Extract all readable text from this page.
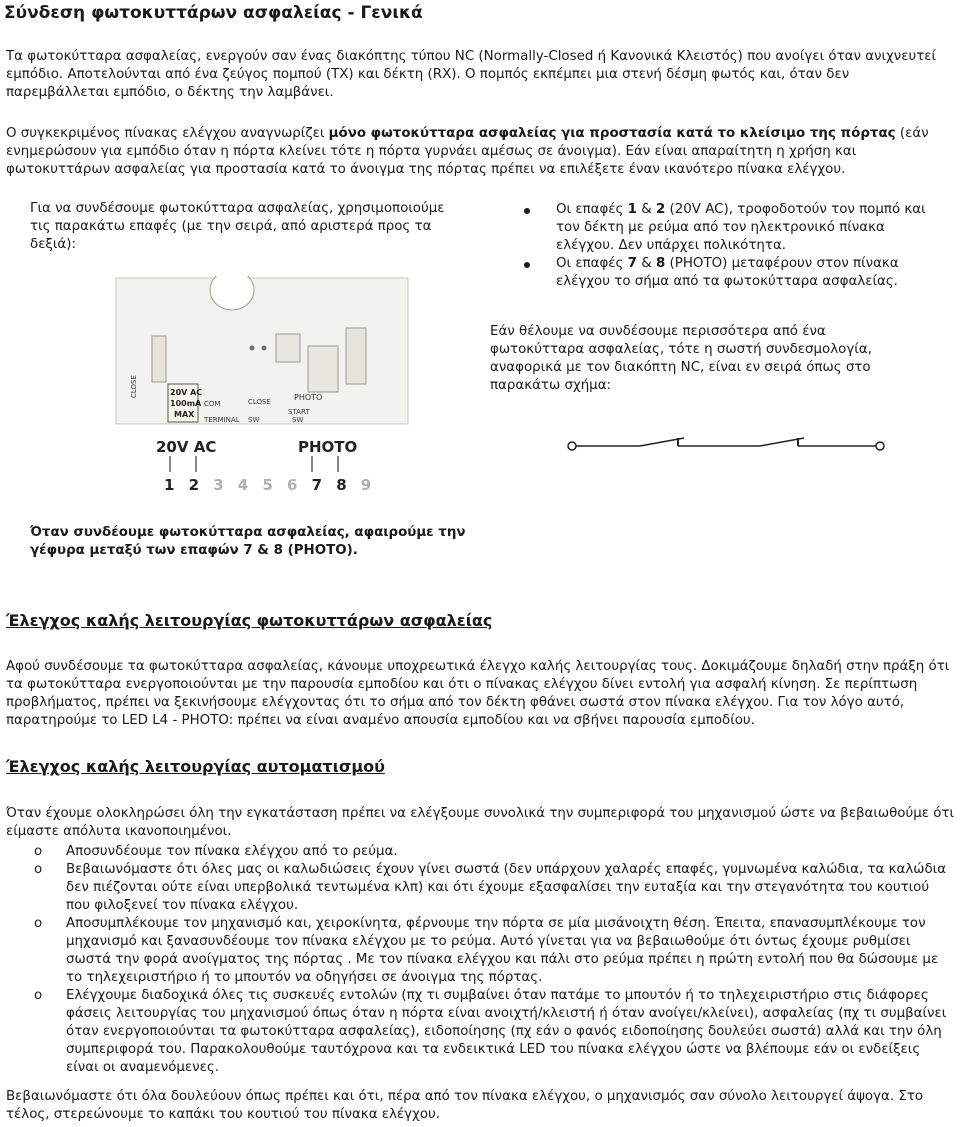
Σύνδεση φωτοκυττάρων ασφαλείας - Γενικά

Τα φωτοκύτταρα ασφαλείας, ενεργούν σαν ένας διακόπτης τύπου NC (Normally-Closed ή Κανονικά Κλειστός) που ανοίγει όταν ανιχνευτεί εμπόδιο. Αποτελούνται από ένα ζεύγος πομπού (TX) και δέκτη (RX). Ο πομπός εκπέμπει μια στενή δέσμη φωτός και, όταν δεν παρεμβάλλεται εμπόδιο, ο δέκτης την λαμβάνει.

Ο συγκεκριμένος πίνακας ελέγχου αναγνωρίζει μόνο φωτοκύτταρα ασφαλείας για προστασία κατά το κλείσιμο της πόρτας (εάν ενημερώσουν για εμπόδιο όταν η πόρτα κλείνει τότε η πόρτα γυρνάει αμέσως σε άνοιγμα). Εάν είναι απαραίτητη η χρήση και φωτοκυττάρων ασφαλείας για προστασία κατά το άνοιγμα της πόρτας πρέπει να επιλέξετε έναν ικανότερο πίνακα ελέγχου.

Για να συνδέσουμε φωτοκύτταρα ασφαλείας, χρησιμοποιούμε τις παρακάτω επαφές (με την σειρά, από αριστερά προς τα δεξιά):

Οι επαφές 1 & 2 (20V AC), τροφοδοτούν τον πομπό και τον δέκτη με ρεύμα από τον ηλεκτρονικό πίνακα ελέγχου. Δεν υπάρχει πολικότητα.
Οι επαφές 7 & 8 (PHOTO) μεταφέρουν στον πίνακα ελέγχου το σήμα από τα φωτοκύτταρα ασφαλείας.
CLOSE	20V AC
100mA
MAX
COM
TERMINAL SW
CLOSE
SW
START
PHOTO
20V AC	PHOTO
1 2 3 4 5 6 7 8 9

Εάν θέλουμε να συνδέσουμε περισσότερα από ένα φωτοκύτταρα ασφαλείας, τότε η σωστή συνδεσμολογία, αναφορικά με τον διακόπτη NC, είναι εν σειρά όπως στο παρακάτω σχήμα:

Όταν συνδέουμε φωτοκύτταρα ασφαλείας, αφαιρούμε την γέφυρα μεταξύ των επαφών 7 & 8 (PHOTO).

Έλεγχος καλής λειτουργίας φωτοκυττάρων ασφαλείας

Αφού συνδέσουμε τα φωτοκύτταρα ασφαλείας, κάνουμε υποχρεωτικά έλεγχο καλής λειτουργίας τους. Δοκιμάζουμε δηλαδή στην πράξη ότι τα φωτοκύτταρα ενεργοποιούνται με την παρουσία εμποδίου και ότι ο πίνακας ελέγχου δίνει εντολή για ασφαλή κίνηση. Σε περίπτωση προβλήματος, πρέπει να ξεκινήσουμε ελέγχοντας ότι το σήμα από τον δέκτη φθάνει σωστά στον πίνακα ελέγχου. Για τον λόγο αυτό, παρατηρούμε το LED L4 - PHOTO: πρέπει να είναι αναμένο απουσία εμποδίου και να σβήνει παρουσία εμποδίου.

Έλεγχος καλής λειτουργίας αυτοματισμού

Όταν έχουμε ολοκληρώσει όλη την εγκατάσταση πρέπει να ελέγξουμε συνολικά την συμπεριφορά του μηχανισμού ώστε να βεβαιωθούμε ότι είμαστε απόλυτα ικανοποιημένοι.

o Αποσυνδέουμε τον πίνακα ελέγχου από το ρεύμα.
o Βεβαιωνόμαστε ότι όλες μας οι καλωδιώσεις έχουν γίνει σωστά (δεν υπάρχουν χαλαρές επαφές, γυμνωμένα καλώδια, τα καλώδια δεν πιέζονται ούτε είναι υπερβολικά τεντωμένα κλπ) και ότι έχουμε εξασφαλίσει την ευταξία και την στεγανότητα του κουτιού που φιλοξενεί τον πίνακα ελέγχου.
o Αποσυμπλέκουμε τον μηχανισμό και, χειροκίνητα, φέρνουμε την πόρτα σε μία μισάνοιχτη θέση. Έπειτα, επανασυμπλέκουμε τον μηχανισμό και ξανασυνδέουμε τον πίνακα ελέγχου με το ρεύμα. Αυτό γίνεται για να βεβαιωθούμε ότι όντως έχουμε ρυθμίσει σωστά την φορά ανοίγματος της πόρτας . Με τον πίνακα ελέγχου και πάλι στο ρεύμα πρέπει η πρώτη εντολή που θα δώσουμε με το τηλεχειριστήριο ή το μπουτόν να οδηγήσει σε άνοιγμα της πόρτας.
o Ελέγχουμε διαδοχικά όλες τις συσκευές εντολών (πχ τι συμβαίνει όταν πατάμε το μπουτόν ή το τηλεχειριστήριο στις διάφορες φάσεις λειτουργίας του μηχανισμού όπως όταν η πόρτα είναι ανοιχτή/κλειστή ή όταν ανοίγει/κλείνει), ασφαλείας (πχ τι συμβαίνει όταν ενεργοποιούνται τα φωτοκύτταρα ασφαλείας), ειδοποίησης (πχ εάν ο φανός ειδοποίησης δουλεύει σωστά) αλλά και την όλη συμπεριφορά του. Παρακολουθούμε ταυτόχρονα και τα ενδεικτικά LED του πίνακα ελέγχου ώστε να βλέπουμε εάν οι ενδείξεις είναι οι αναμενόμενες.

Βεβαιωνόμαστε ότι όλα δουλεύουν όπως πρέπει και ότι, πέρα από τον πίνακα ελέγχου, ο μηχανισμός σαν σύνολο λειτουργεί άψογα. Στο τέλος, στερεώνουμε το καπάκι του κουτιού του πίνακα ελέγχου.
